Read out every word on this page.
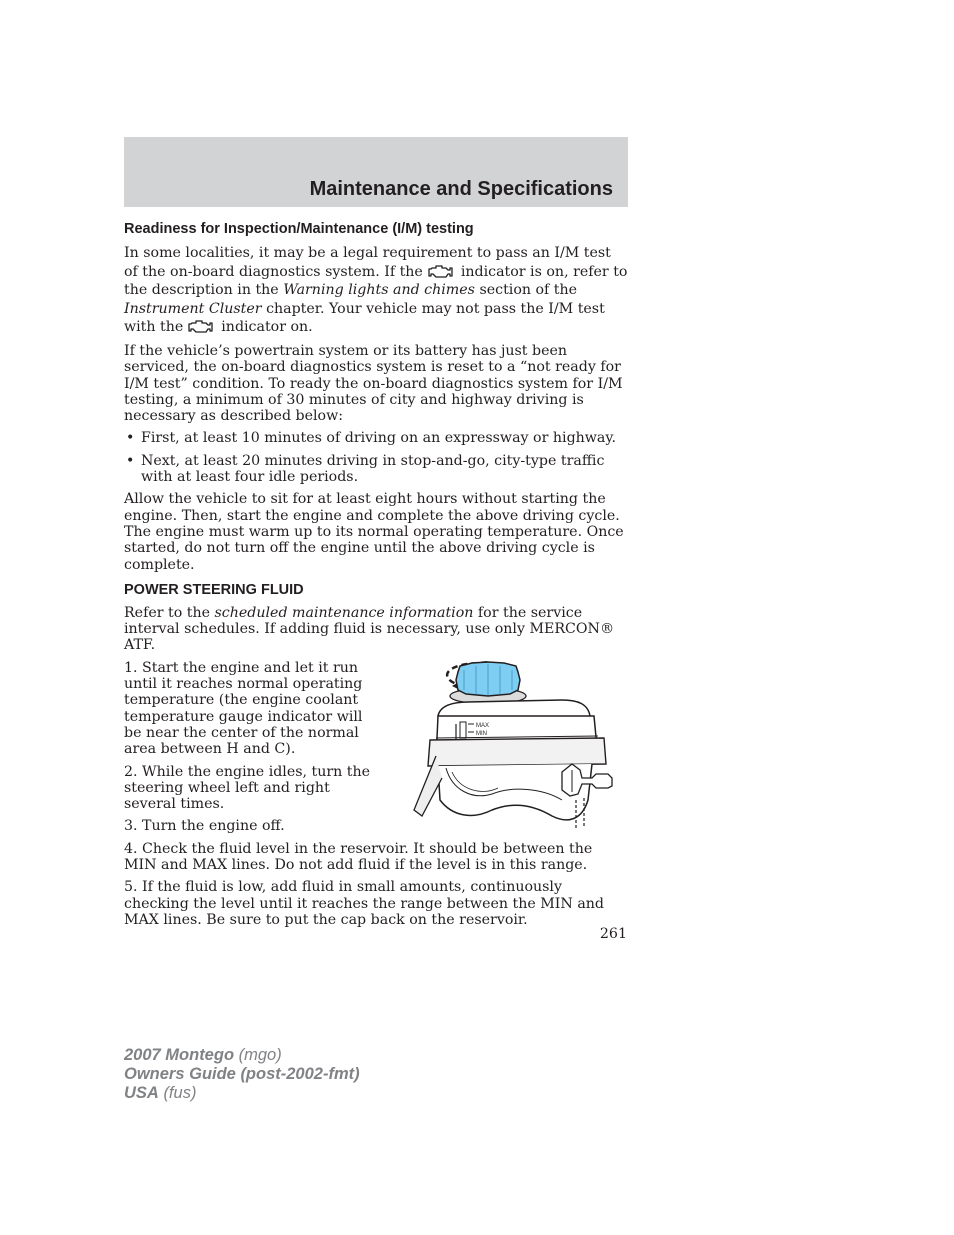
Maintenance and Specifications
Readiness for Inspection/Maintenance (I/M) testing

In some localities, it may be a legal requirement to pass an I/M test of the on-board diagnostics system. If the	indicator is on, refer to the description in the Warning lights and chimes section of the Instrument Cluster chapter. Your vehicle may not pass the I/M test with the	indicator on.

If the vehicle’s powertrain system or its battery has just been serviced, the on-board diagnostics system is reset to a “not ready for I/M test” condition. To ready the on-board diagnostics system for I/M testing, a minimum of 30 minutes of city and highway driving is necessary as described below:

• First, at least 10 minutes of driving on an expressway or highway.
• Next, at least 20 minutes driving in stop-and-go, city-type traffic with at least four idle periods.

Allow the vehicle to sit for at least eight hours without starting the engine. Then, start the engine and complete the above driving cycle. The engine must warm up to its normal operating temperature. Once started, do not turn off the engine until the above driving cycle is complete.

POWER STEERING FLUID

Refer to the scheduled maintenance information for the service interval schedules. If adding fluid is necessary, use only MERCON® ATF.

1. Start the engine and let it run until it reaches normal operating temperature (the engine coolant temperature gauge indicator will be near the center of the normal area between H and C).

2. While the engine idles, turn the steering wheel left and right several times.

3. Turn the engine off.

MAX
MIN

4. Check the fluid level in the reservoir. It should be between the MIN and MAX lines. Do not add fluid if the level is in this range.

5. If the fluid is low, add fluid in small amounts, continuously checking the level until it reaches the range between the MIN and MAX lines. Be sure to put the cap back on the reservoir.

261
2007 Montego (mgo)
Owners Guide (post-2002-fmt)
USA (fus)
